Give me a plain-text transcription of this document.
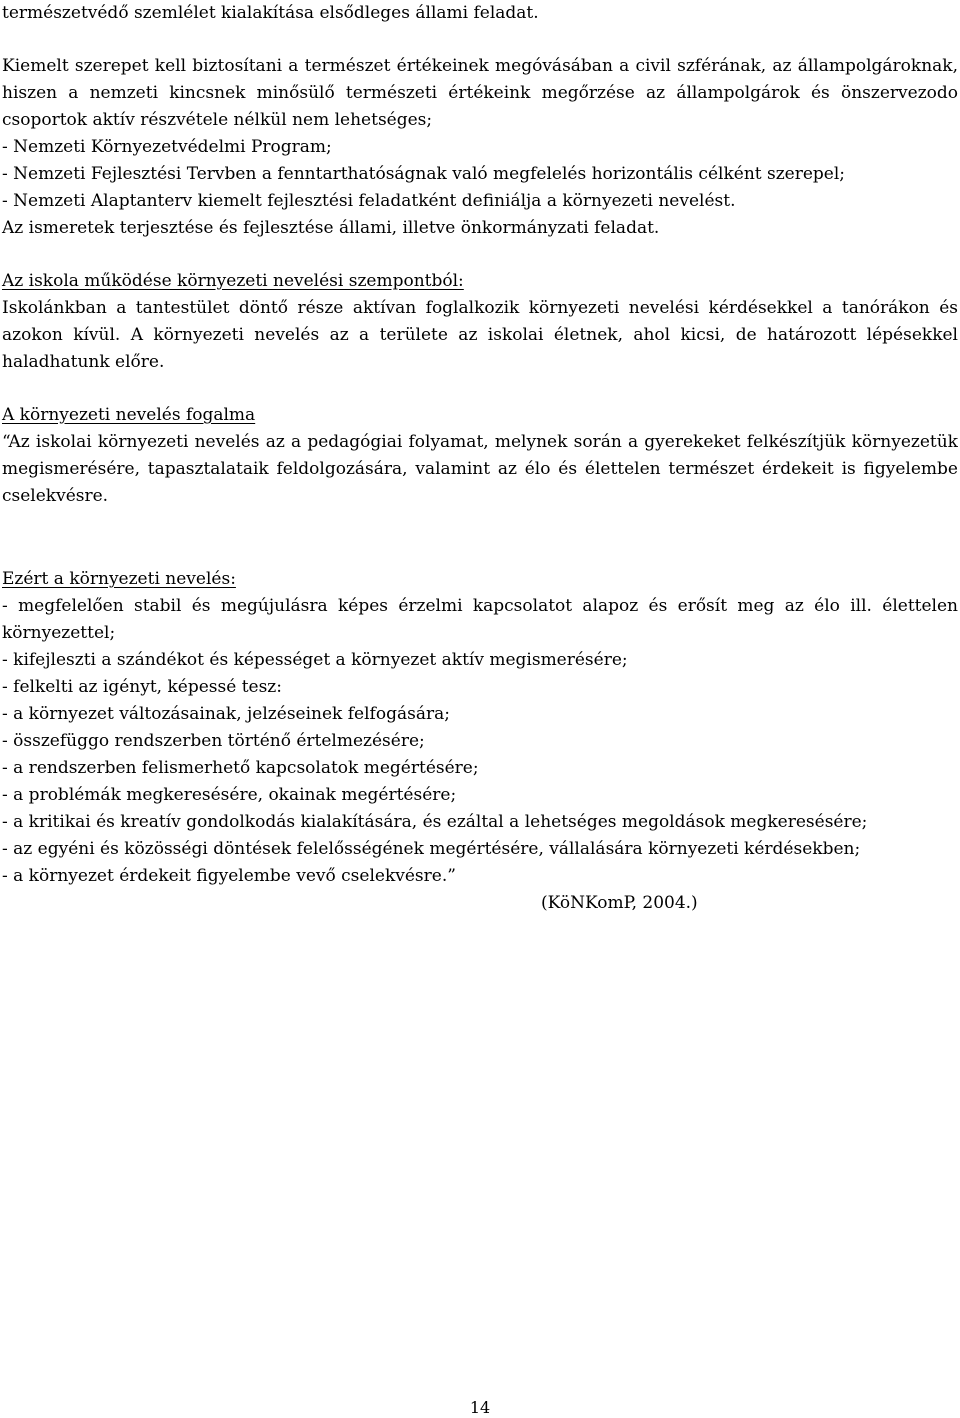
természetvédő szemlélet kialakítása elsődleges állami feladat.
Kiemelt szerepet kell biztosítani a természet értékeinek megóvásában a civil szférának, az állampolgároknak,
hiszen a nemzeti kincsnek minősülő természeti értékeink megőrzése az állampolgárok és önszervezodo
csoportok aktív részvétele nélkül nem lehetséges;
- Nemzeti Környezetvédelmi Program;
- Nemzeti Fejlesztési Tervben a fenntarthatóságnak való megfelelés horizontális célként szerepel;
- Nemzeti Alaptanterv kiemelt fejlesztési feladatként definiálja a környezeti nevelést.
Az ismeretek terjesztése és fejlesztése állami, illetve önkormányzati feladat.
Az iskola működése környezeti nevelési szempontból:
Iskolánkban a tantestület döntő része aktívan foglalkozik környezeti nevelési kérdésekkel a tanórákon és
azokon kívül. A környezeti nevelés az a területe az iskolai életnek, ahol kicsi, de határozott lépésekkel
haladhatunk előre.
A környezeti nevelés fogalma
“Az iskolai környezeti nevelés az a pedagógiai folyamat, melynek során a gyerekeket felkészítjük környezetük
megismerésére, tapasztalataik feldolgozására, valamint az élo és élettelen természet érdekeit is figyelembe
cselekvésre.
Ezért a környezeti nevelés:
- megfelelően stabil és megújulásra képes érzelmi kapcsolatot alapoz és erősít meg az élo ill. élettelen
környezettel;
- kifejleszti a szándékot és képességet a környezet aktív megismerésére;
- felkelti az igényt, képessé tesz:
- a környezet változásainak, jelzéseinek felfogására;
- összefüggo rendszerben történő értelmezésére;
- a rendszerben felismerhető kapcsolatok megértésére;
- a problémák megkeresésére, okainak megértésére;
- a kritikai és kreatív gondolkodás kialakítására, és ezáltal a lehetséges megoldások megkeresésére;
- az egyéni és közösségi döntések felelősségének megértésére, vállalására környezeti kérdésekben;
- a környezet érdekeit figyelembe vevő cselekvésre.”
(KöNKomP, 2004.)
14
